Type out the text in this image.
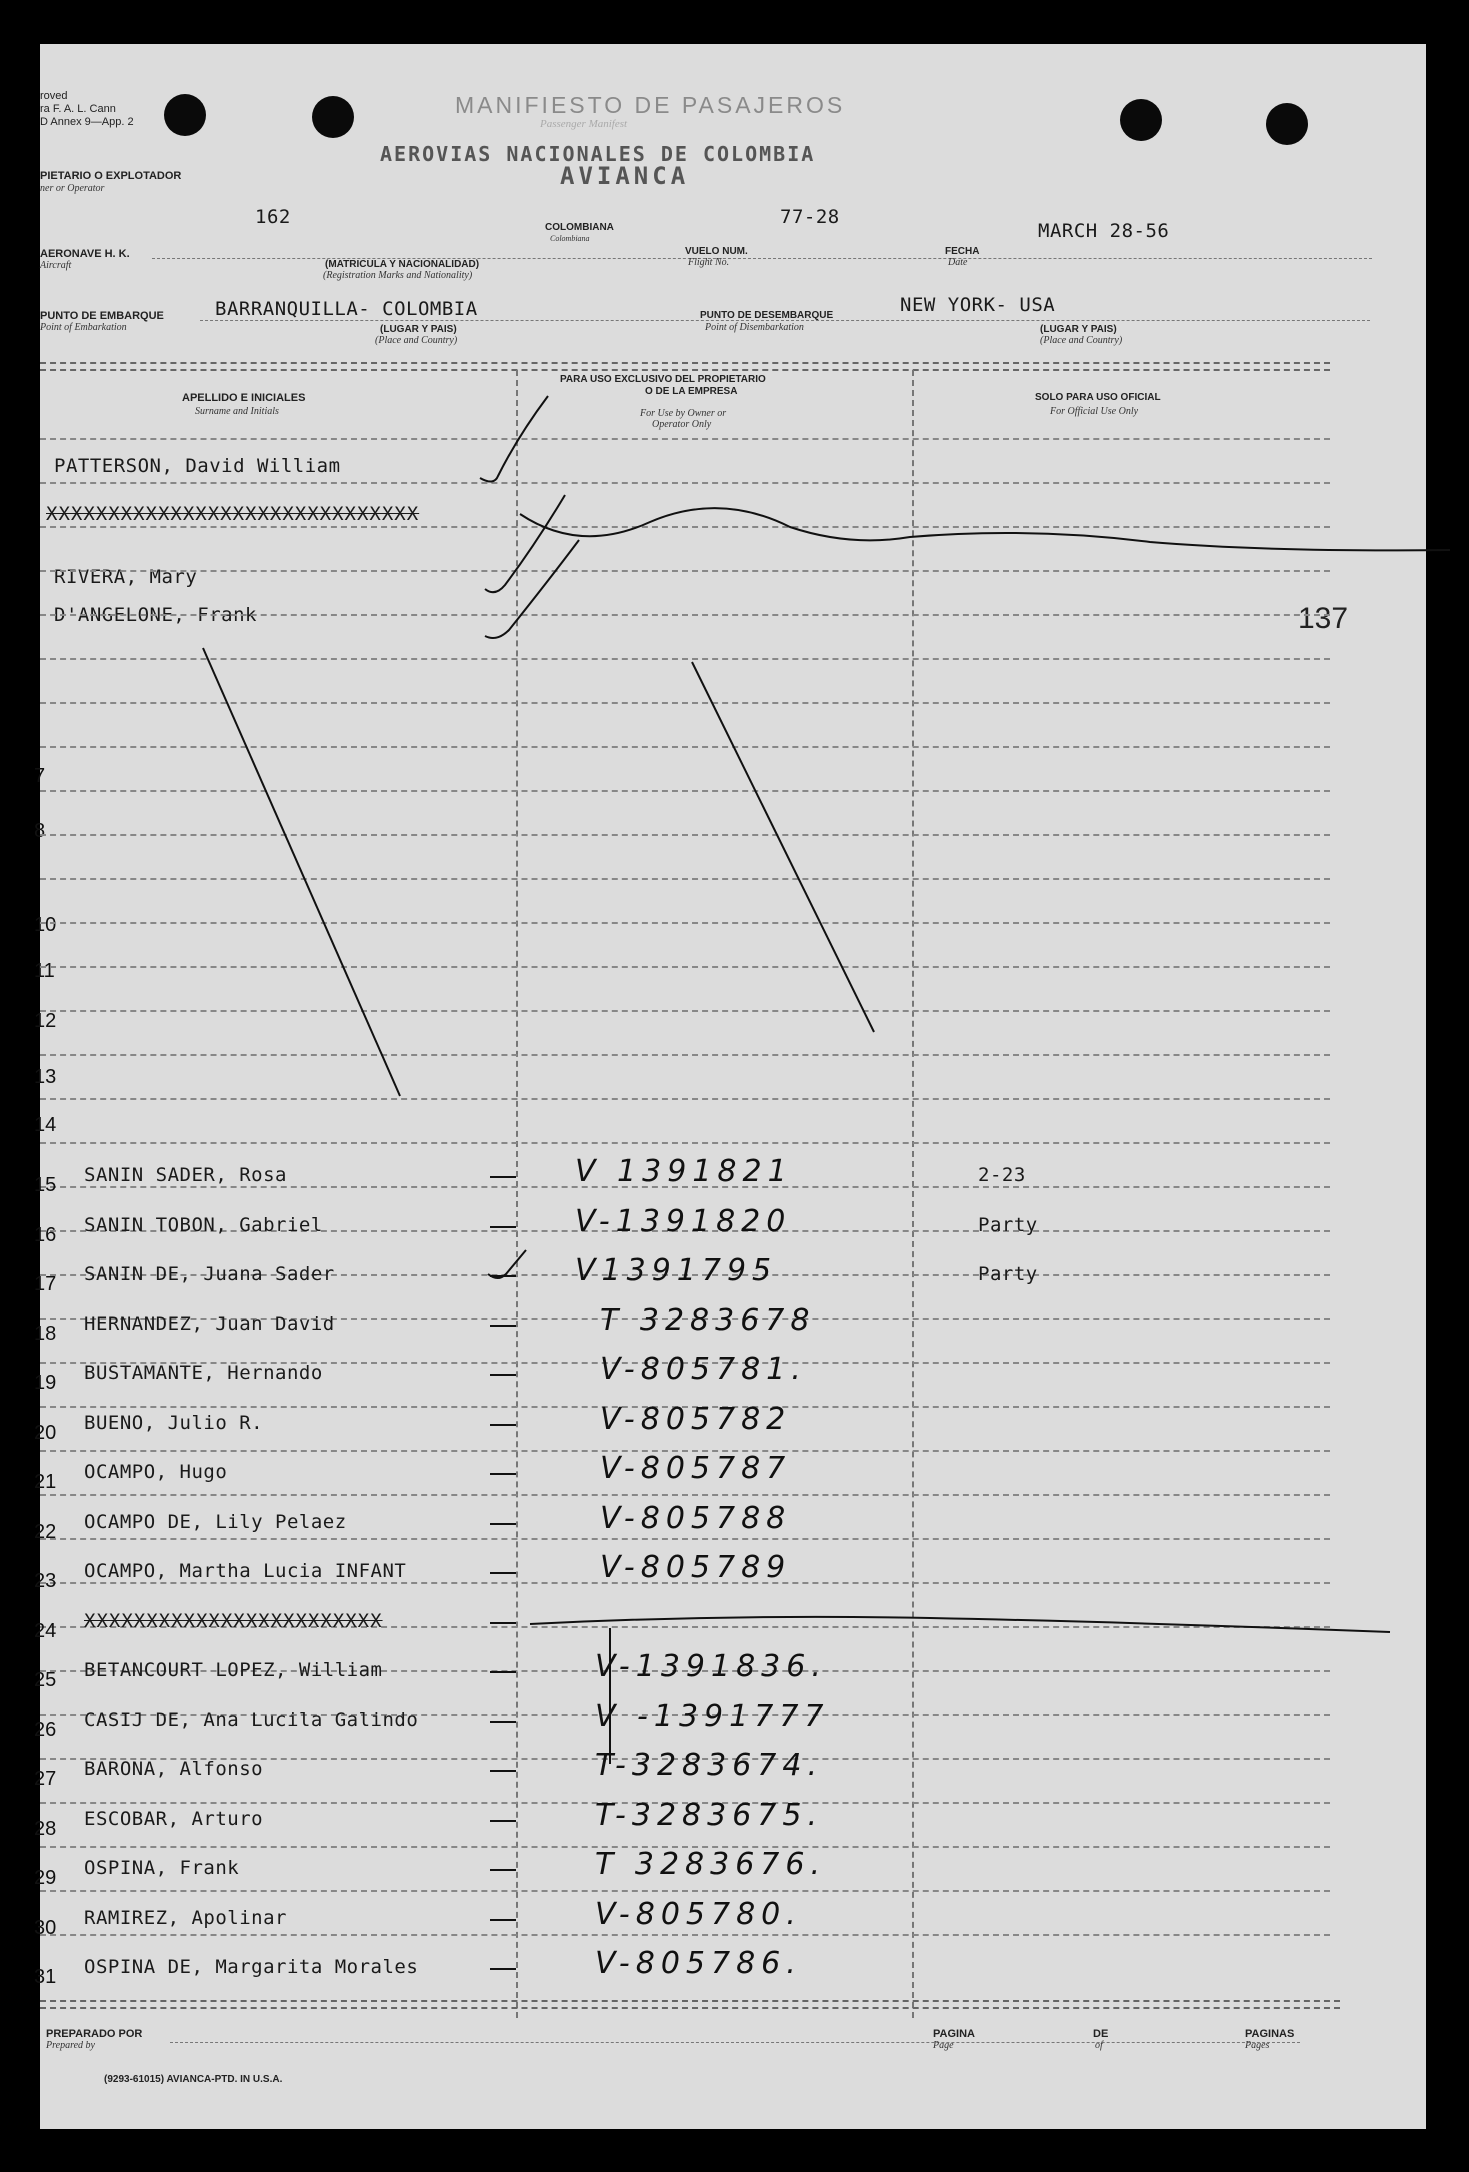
roved
ra F. A. L. Cann
D Annex 9—App. 2
MANIFIESTO DE PASAJEROS
Passenger Manifest
AEROVIAS NACIONALES DE COLOMBIA
AVIANCA
PIETARIO O EXPLOTADOR
ner or Operator
162	COLOMBIANA
Colombiana
77-28
MARCH 28-56
AERONAVE H. K.
Aircraft	(MATRICULA Y NACIONALIDAD)
(Registration Marks and Nationality)
VUELO NUM.
Flight No.
FECHA
Date
PUNTO DE EMBARQUE
Point of Embarkation
BARRANQUILLA- COLOMBIA
(LUGAR Y PAIS)
(Place and Country)
PUNTO DE DESEMBARQUE
Point of Disembarkation
NEW YORK- USA
(LUGAR Y PAIS)
(Place and Country)
APELLIDO E INICIALES
Surname and Initials
PARA USO EXCLUSIVO DEL PROPIETARIO
O DE LA EMPRESA
For Use by Owner or
Operator Only
SOLO PARA USO OFICIAL
For Official Use Only
PATTERSON, David William
XXXXXXXXXXXXXXXXXXXXXXXXXXXXXX
RIVERA, Mary
D'ANGELONE, Frank	137
7
8
10
11
12
13
14
15 SANIN SADER, Rosa	V 1391821	2-23
16 SANIN TOBON, Gabriel	V-1391820	Party
17 SANIN DE, Juana Sader	V1391795	Party
18 HERNANDEZ, Juan David	T 3283678
19 BUSTAMANTE, Hernando	V-805781.
20 BUENO, Julio R.	V-805782
21 OCAMPO, Hugo	V-805787
22 OCAMPO DE, Lily Pelaez	V-805788
23 OCAMPO, Martha Lucia INFANT	V-805789
24 XXXXXXXXXXXXXXXXXXXXXXXX
25 BETANCOURT LOPEZ, William	V-1391836.
26 CASIJ DE, Ana Lucila Galindo	V -1391777
27 BARONA, Alfonso	T-3283674.
28 ESCOBAR, Arturo	T-3283675.
29 OSPINA, Frank	T 3283676.
30 RAMIREZ, Apolinar	V-805780.
31 OSPINA DE, Margarita Morales	V-805786.
PREPARADO POR
Prepared by
PAGINA
Page
DE
of
PAGINAS
Pages
(9293-61015) AVIANCA-PTD. IN U.S.A.
